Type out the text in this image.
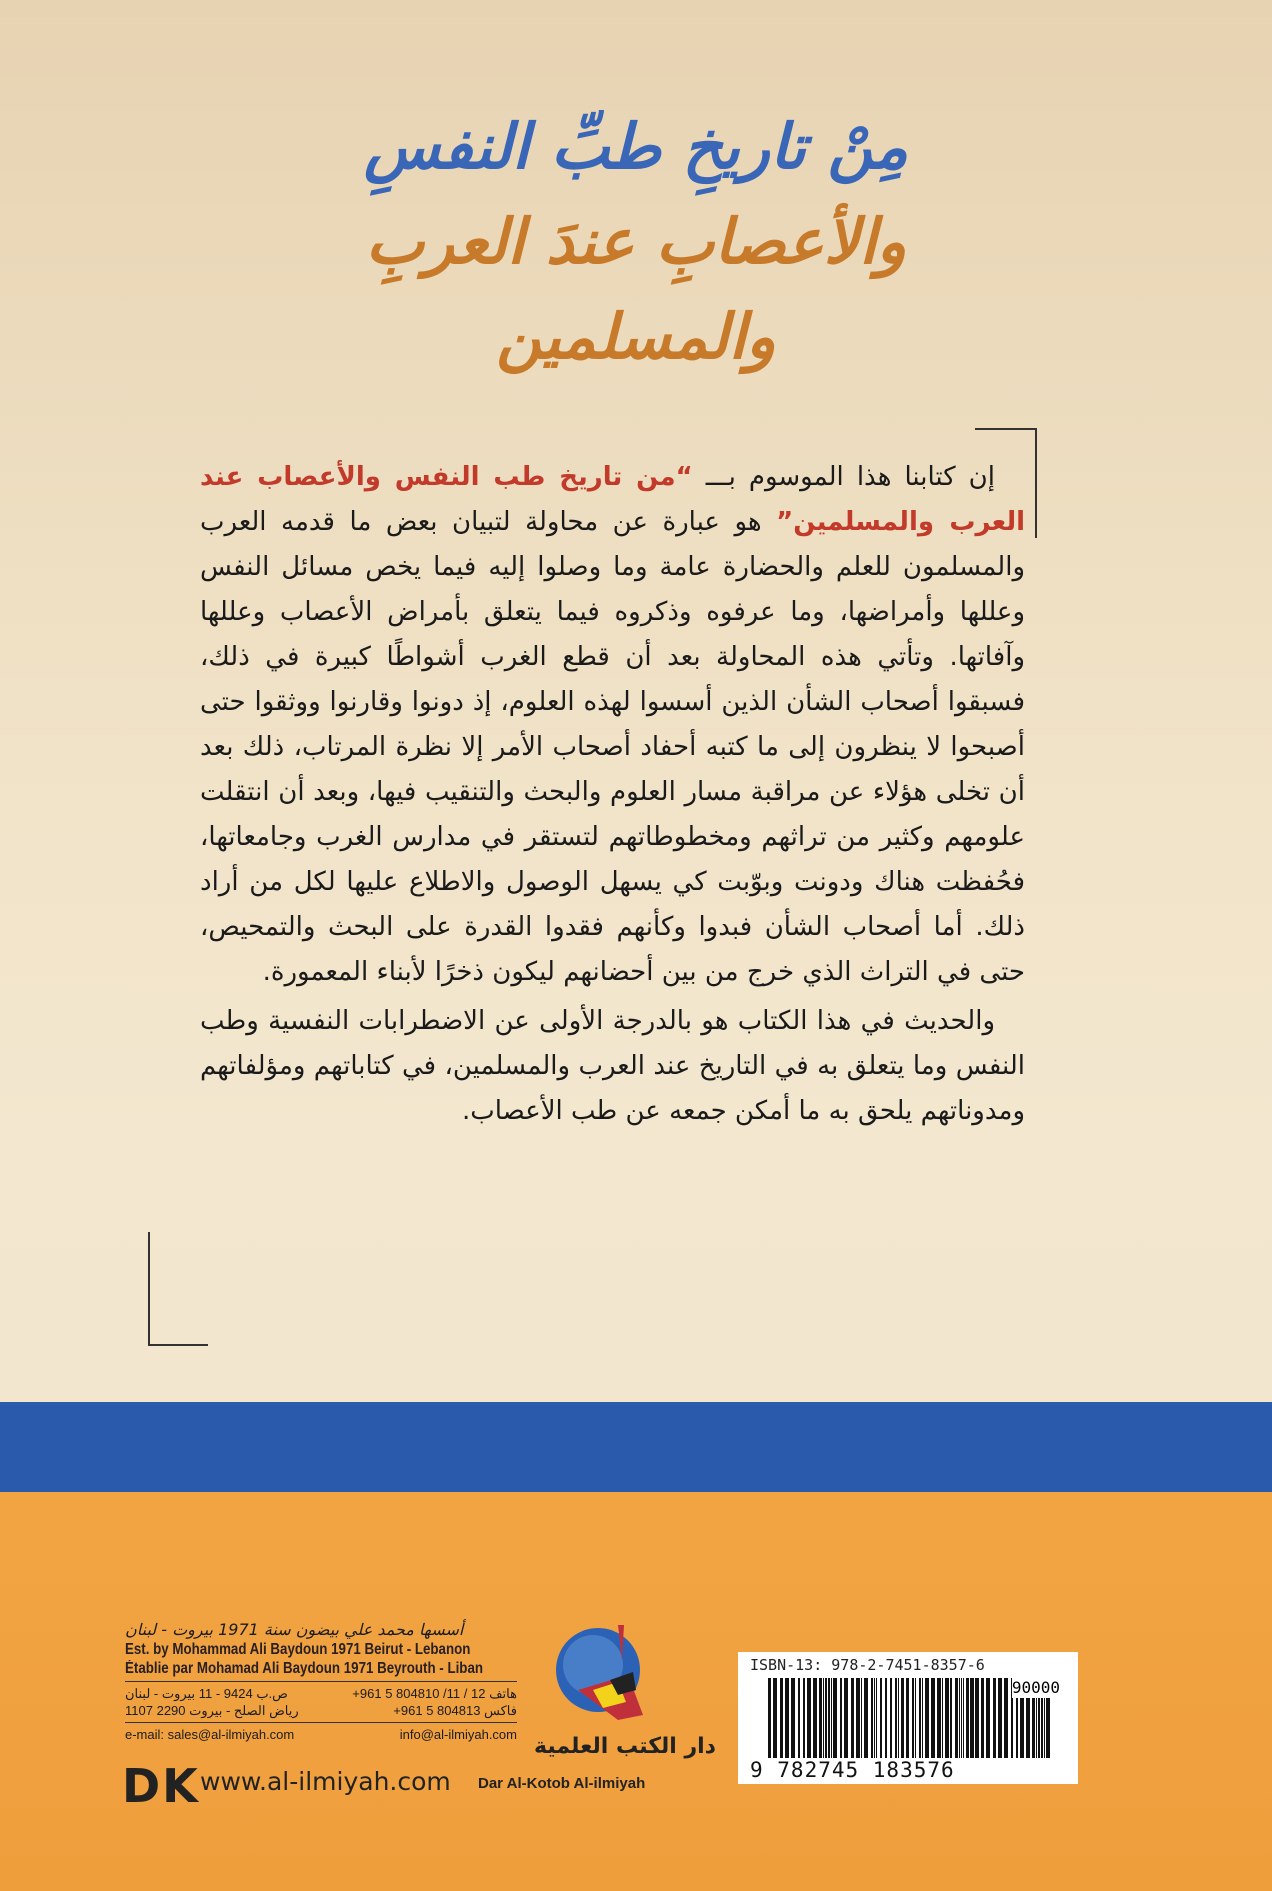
مِنْ تاريخِ طبِّ النفسِ
والأعصابِ عندَ العربِ
والمسلمين

إن كتابنا هذا الموسوم بـــ “من تاريخ طب النفس والأعصاب عند العرب والمسلمين” هو عبارة عن محاولة لتبيان بعض ما قدمه العرب والمسلمون للعلم والحضارة عامة وما وصلوا إليه فيما يخص مسائل النفس وعللها وأمراضها، وما عرفوه وذكروه فيما يتعلق بأمراض الأعصاب وعللها وآفاتها. وتأتي هذه المحاولة بعد أن قطع الغرب أشواطًا كبيرة في ذلك، فسبقوا أصحاب الشأن الذين أسسوا لهذه العلوم، إذ دونوا وقارنوا ووثقوا حتى أصبحوا لا ينظرون إلى ما كتبه أحفاد أصحاب الأمر إلا نظرة المرتاب، ذلك بعد أن تخلى هؤلاء عن مراقبة مسار العلوم والبحث والتنقيب فيها، وبعد أن انتقلت علومهم وكثير من تراثهم ومخطوطاتهم لتستقر في مدارس الغرب وجامعاتها، فحُفظت هناك ودونت وبوّبت كي يسهل الوصول والاطلاع عليها لكل من أراد ذلك. أما أصحاب الشأن فبدوا وكأنهم فقدوا القدرة على البحث والتمحيص، حتى في التراث الذي خرج من بين أحضانهم ليكون ذخرًا لأبناء المعمورة.

والحديث في هذا الكتاب هو بالدرجة الأولى عن الاضطرابات النفسية وطب النفس وما يتعلق به في التاريخ عند العرب والمسلمين، في كتاباتهم ومؤلفاتهم ومدوناتهم يلحق به ما أمكن جمعه عن طب الأعصاب.

أسسها محمد علي بيضون سنة 1971 بيروت - لبنان
Est. by Mohammad Ali Baydoun 1971 Beirut - Lebanon
Établie par Mohamad Ali Baydoun 1971 Beyrouth - Liban
ص.ب 9424 - 11 بيروت - لبنان	هاتف 12 / 11/ 804810 5 961+
رياض الصلح - بيروت 2290 1107	فاكس 804813 5 961+
e-mail: sales@al-ilmiyah.com	info@al-ilmiyah.com
DK www.al-ilmiyah.com Dar Al-Kotob Al-ilmiyah
دار الكتب العلمية
ISBN-13: 978-2-7451-8357-6
90000
9 782745 183576
